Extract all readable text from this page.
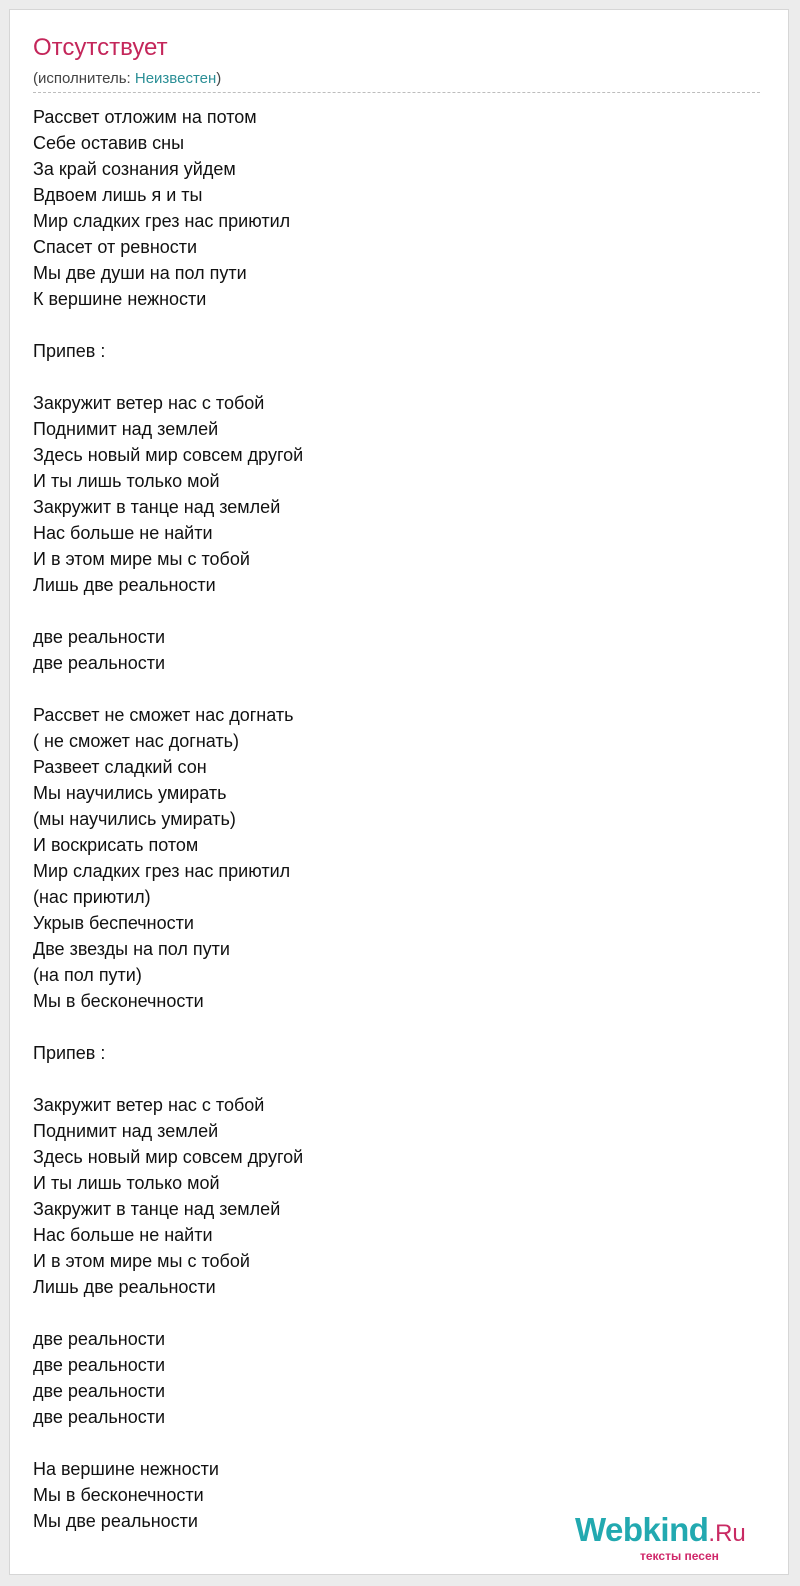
Отсутствует
(исполнитель: Неизвестен)
Рассвет отложим на потом
Себе оставив сны
За край сознания уйдем
Вдвоем лишь я и ты
Мир сладких грез нас приютил
Спасет от ревности
Мы две души на пол пути
К вершине нежности
Припев :
Закружит ветер нас с тобой
Поднимит над землей
Здесь новый мир совсем другой
И ты лишь только мой
Закружит в танце над землей
Нас больше не найти
И в этом мире мы с тобой
Лишь две реальности
две реальности
две реальности
Рассвет не сможет нас догнать
( не сможет нас догнать)
Развеет сладкий сон
Мы научились умирать
(мы научились умирать)
И воскрисать потом
Мир сладких грез нас приютил
(нас приютил)
Укрыв беспечности
Две звезды на пол пути
(на пол пути)
Мы в бесконечности
Припев :
Закружит ветер нас с тобой
Поднимит над землей
Здесь новый мир совсем другой
И ты лишь только мой
Закружит в танце над землей
Нас больше не найти
И в этом мире мы с тобой
Лишь две реальности
две реальности
две реальности
две реальности
две реальности
На вершине нежности
Мы в бесконечности
Мы две реальности	Webkind.Ru
тексты песен
